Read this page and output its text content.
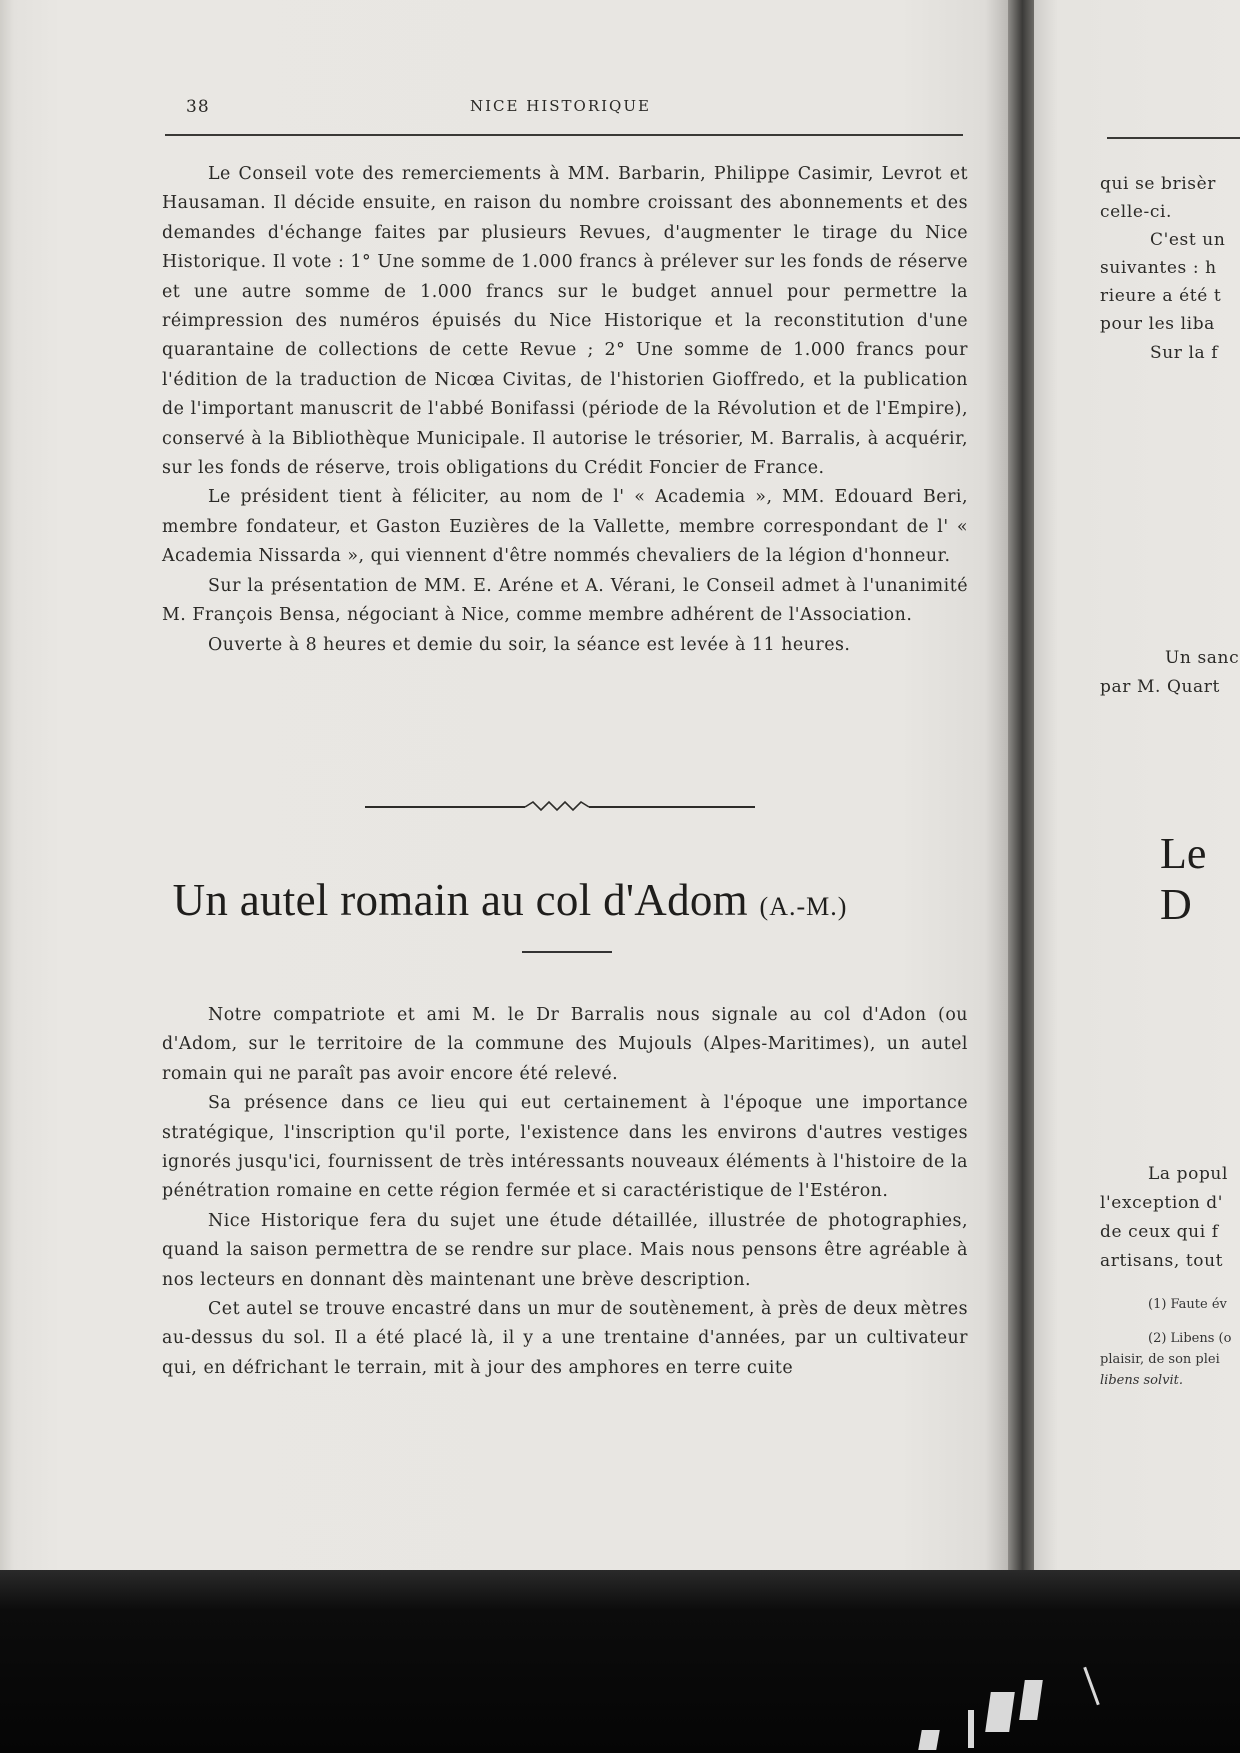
38	NICE HISTORIQUE

Le Conseil vote des remerciements à MM. Barbarin, Philippe Casimir, Levrot et Hausaman. Il décide ensuite, en raison du nombre croissant des abonnements et des demandes d'échange faites par plusieurs Revues, d'augmenter le tirage du Nice Historique. Il vote : 1° Une somme de 1.000 francs à prélever sur les fonds de réserve et une autre somme de 1.000 francs sur le budget annuel pour permettre la réimpression des numéros épuisés du Nice Historique et la reconstitution d'une quarantaine de collections de cette Revue ; 2° Une somme de 1.000 francs pour l'édition de la traduction de Nicœa Civitas, de l'historien Gioffredo, et la publication de l'important manuscrit de l'abbé Bonifassi (période de la Révolution et de l'Empire), conservé à la Bibliothèque Municipale. Il autorise le trésorier, M. Barralis, à acquérir, sur les fonds de réserve, trois obligations du Crédit Foncier de France.

Le président tient à féliciter, au nom de l' « Academia », MM. Edouard Beri, membre fondateur, et Gaston Euzières de la Vallette, membre correspondant de l' « Academia Nissarda », qui viennent d'être nommés chevaliers de la légion d'honneur.

Sur la présentation de MM. E. Aréne et A. Vérani, le Conseil admet à l'unanimité M. François Bensa, négociant à Nice, comme membre adhérent de l'Association.

Ouverte à 8 heures et demie du soir, la séance est levée à 11 heures.

Un autel romain au col d'Adom (A.-M.)

Notre compatriote et ami M. le Dr Barralis nous signale au col d'Adon (ou d'Adom, sur le territoire de la commune des Mujouls (Alpes-Maritimes), un autel romain qui ne paraît pas avoir encore été relevé.

Sa présence dans ce lieu qui eut certainement à l'époque une importance stratégique, l'inscription qu'il porte, l'existence dans les environs d'autres vestiges ignorés jusqu'ici, fournissent de très intéressants nouveaux éléments à l'histoire de la pénétration romaine en cette région fermée et si caractéristique de l'Estéron.

Nice Historique fera du sujet une étude détaillée, illustrée de photographies, quand la saison permettra de se rendre sur place. Mais nous pensons être agréable à nos lecteurs en donnant dès maintenant une brève description.

Cet autel se trouve encastré dans un mur de soutènement, à près de deux mètres au-dessus du sol. Il a été placé là, il y a une trentaine d'années, par un cultivateur qui, en défrichant le terrain, mit à jour des amphores en terre cuite

qui se brisèr
celle-ci.
C'est un
suivantes : h
rieure a été t
pour les liba
Sur la f
Un sanc
par M. Quart
Le D
La popul
l'exception d'
de ceux qui f
artisans, tout
(1) Faute év
(2) Libens (o
plaisir, de son plei
libens solvit.
